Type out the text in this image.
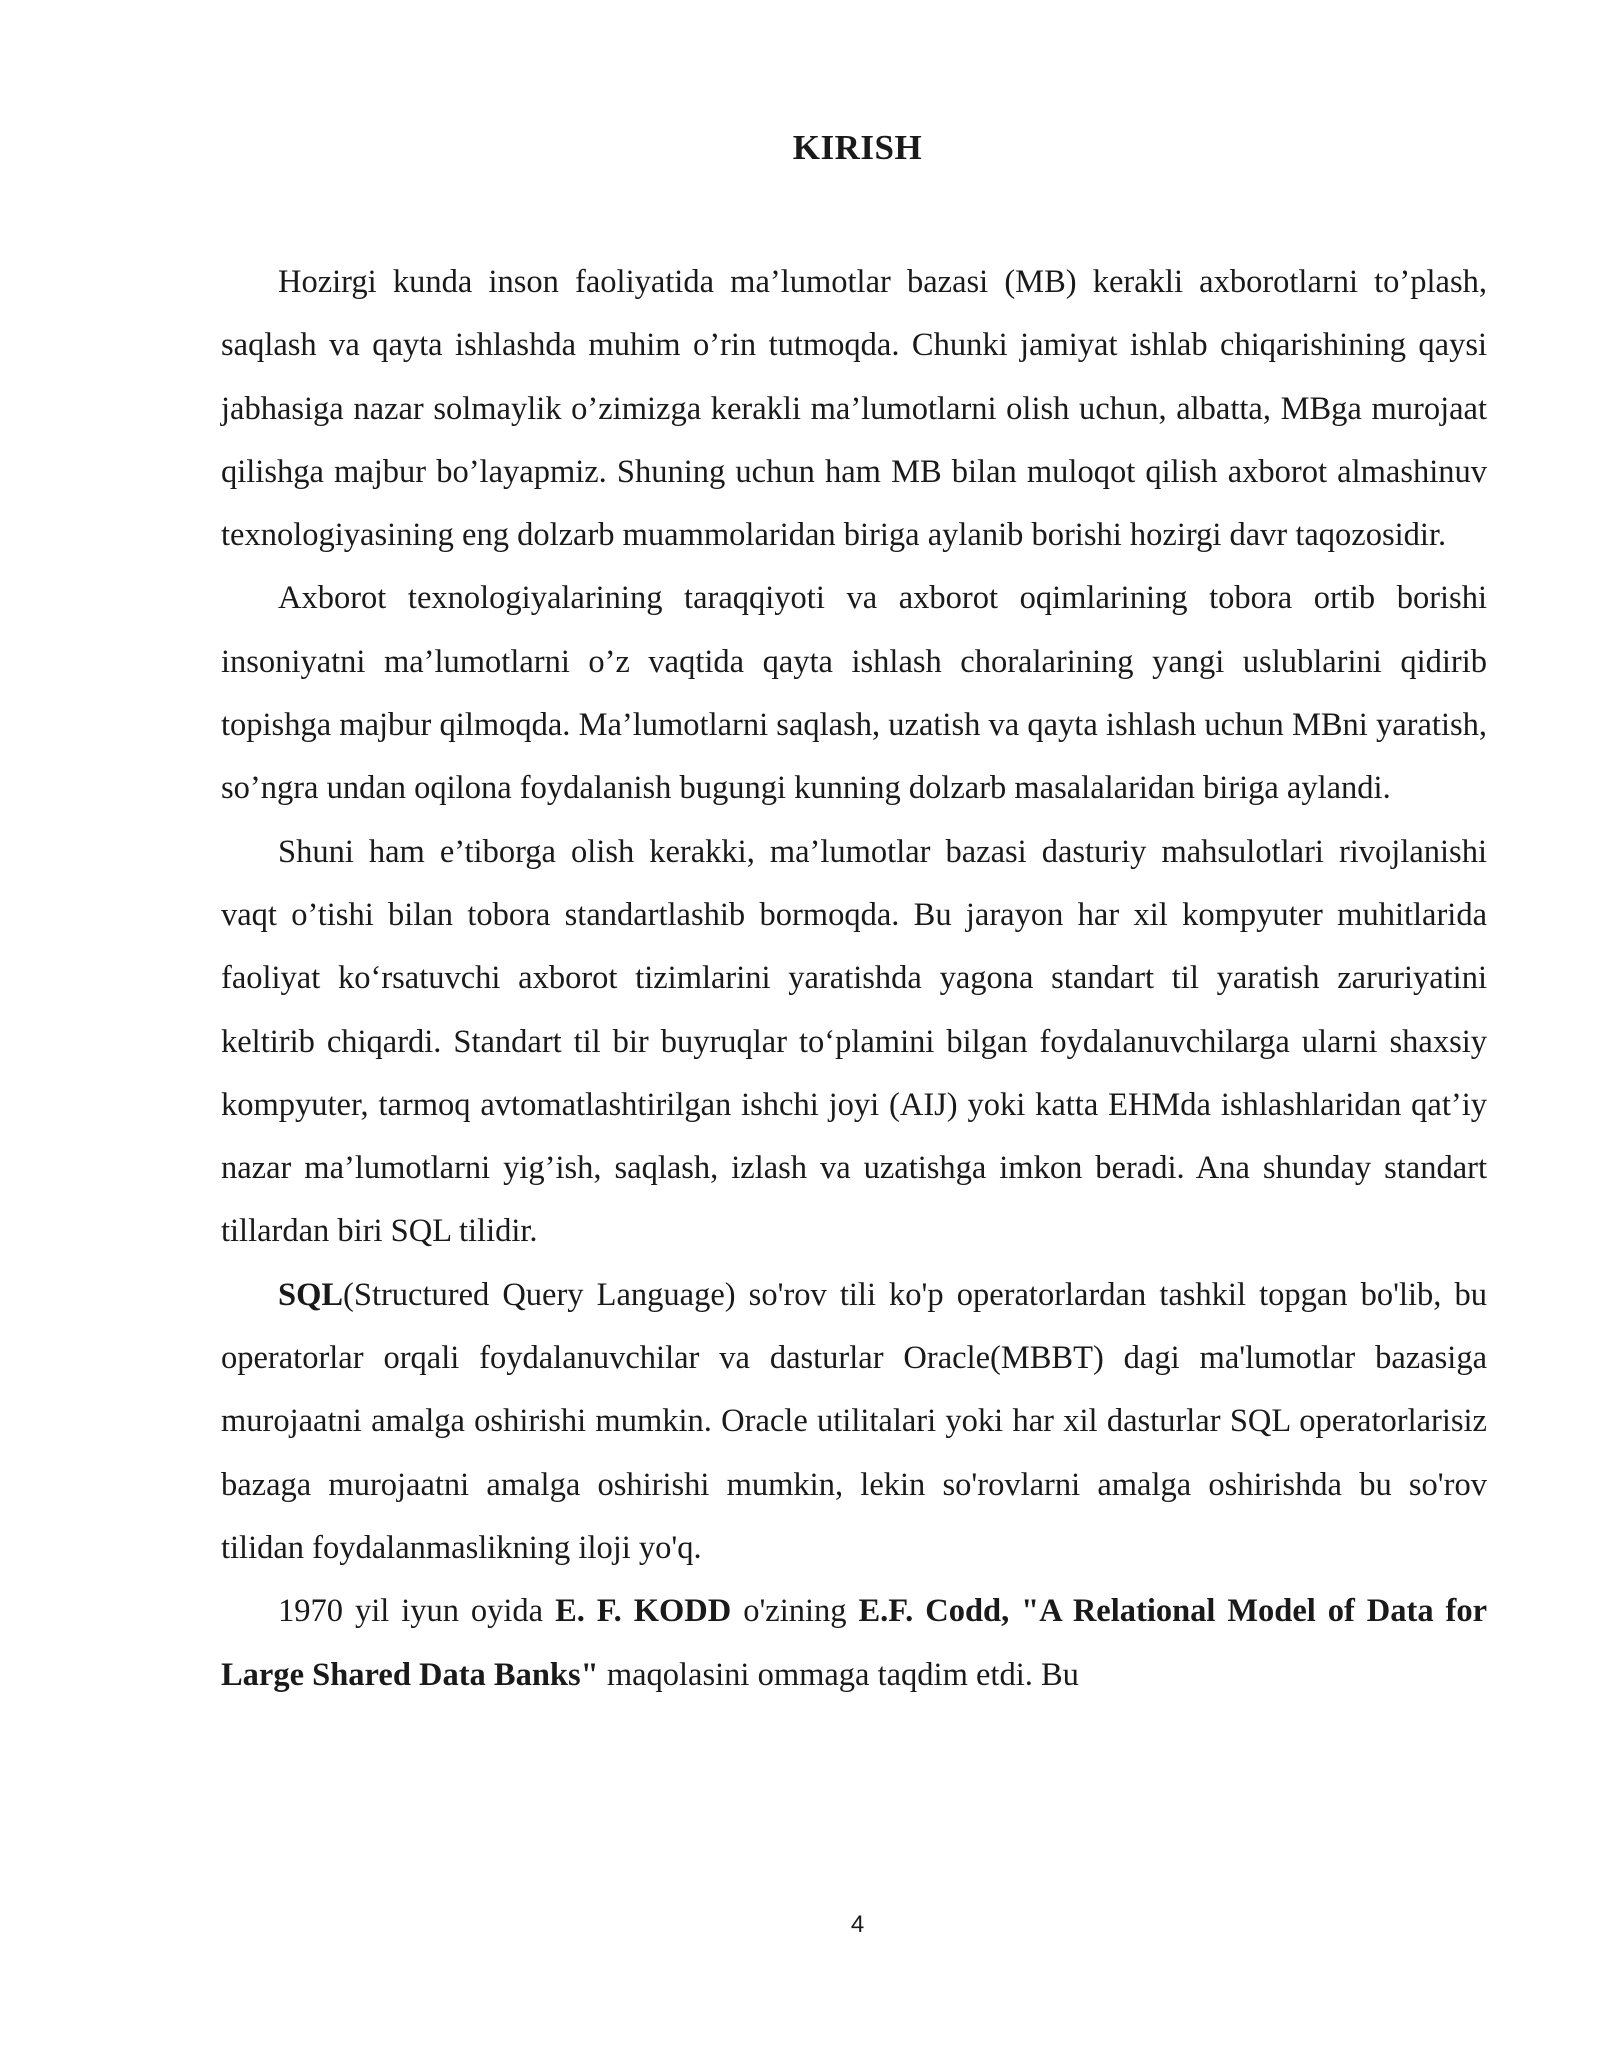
KIRISH

Hozirgi kunda inson faoliyatida ma’lumotlar bazasi (MB) kerakli axborotlarni to’plash, saqlash va qayta ishlashda muhim o’rin tutmoqda. Chunki jamiyat ishlab chiqarishining qaysi jabhasiga nazar solmaylik o’zimizga kerakli ma’lumotlarni olish uchun, albatta, MBga murojaat qilishga majbur bo’layapmiz. Shuning uchun ham MB bilan muloqot qilish axborot almashinuv texnologiyasining eng dolzarb muammolaridan biriga aylanib borishi hozirgi davr taqozosidir.

Axborot texnologiyalarining taraqqiyoti va axborot oqimlarining tobora ortib borishi insoniyatni ma’lumotlarni o’z vaqtida qayta ishlash choralarining yangi uslublarini qidirib topishga majbur qilmoqda. Ma’lumotlarni saqlash, uzatish va qayta ishlash uchun MBni yaratish, so’ngra undan oqilona foydalanish bugungi kunning dolzarb masalalaridan biriga aylandi.

Shuni ham e’tiborga olish kerakki, ma’lumotlar bazasi dasturiy mahsulotlari rivojlanishi vaqt o’tishi bilan tobora standartlashib bormoqda. Bu jarayon har xil kompyuter muhitlarida faoliyat ko‘rsatuvchi axborot tizimlarini yaratishda yagona standart til yaratish zaruriyatini keltirib chiqardi. Standart til bir buyruqlar to‘plamini bilgan foydalanuvchilarga ularni shaxsiy kompyuter, tarmoq avtomatlashtirilgan ishchi joyi (AIJ) yoki katta EHMda ishlashlaridan qat’iy nazar ma’lumotlarni yig’ish, saqlash, izlash va uzatishga imkon beradi. Ana shunday standart tillardan biri SQL tilidir.

SQL(Structured Query Language) so'rov tili ko'p operatorlardan tashkil topgan bo'lib, bu operatorlar orqali foydalanuvchilar va dasturlar Oracle(MBBT) dagi ma'lumotlar bazasiga murojaatni amalga oshirishi mumkin. Oracle utilitalari yoki har xil dasturlar SQL operatorlarisiz bazaga murojaatni amalga oshirishi mumkin, lekin so'rovlarni amalga oshirishda bu so'rov tilidan foydalanmaslikning iloji yo'q.

1970 yil iyun oyida E. F. KODD o'zining E.F. Codd, "A Relational Model of Data for Large Shared Data Banks" maqolasini ommaga taqdim etdi. Bu

4
